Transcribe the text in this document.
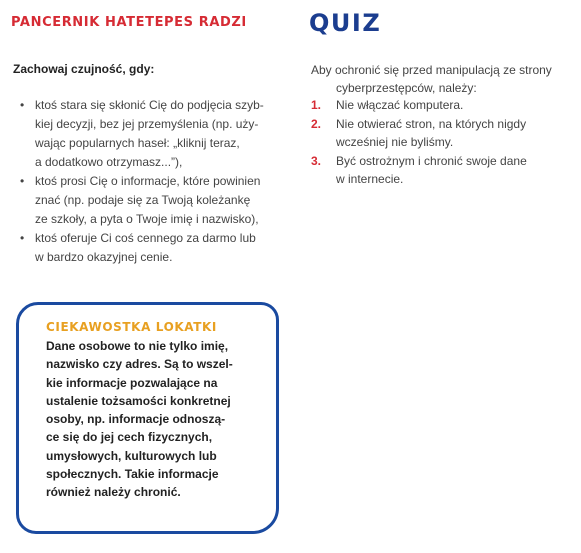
PANCERNIK HATETEPES RADZI
Zachowaj czujność, gdy:
• ktoś stara się skłonić Cię do podjęcia szyb-
kiej decyzji, bez jej przemyślenia (np. uży-
wając popularnych haseł: „kliknij teraz,
a dodatkowo otrzymasz...”),
• ktoś prosi Cię o informacje, które powinien
znać (np. podaje się za Twoją koleżankę
ze szkoły, a pyta o Twoje imię i nazwisko),
• ktoś oferuje Ci coś cennego za darmo lub
w bardzo okazyjnej cenie.
QUIZ
Aby ochronić się przed manipulacją ze strony
cyberprzestępców, należy:
1. Nie włączać komputera.
2. Nie otwierać stron, na których nigdy
wcześniej nie byliśmy.
3. Być ostrożnym i chronić swoje dane
w internecie.
CIEKAWOSTKA LOKATKI
Dane osobowe to nie tylko imię,
nazwisko czy adres. Są to wszel-
kie informacje pozwalające na
ustalenie tożsamości konkretnej
osoby, np. informacje odnoszą-
ce się do jej cech fizycznych,
umysłowych, kulturowych lub
społecznych. Takie informacje
również należy chronić.
